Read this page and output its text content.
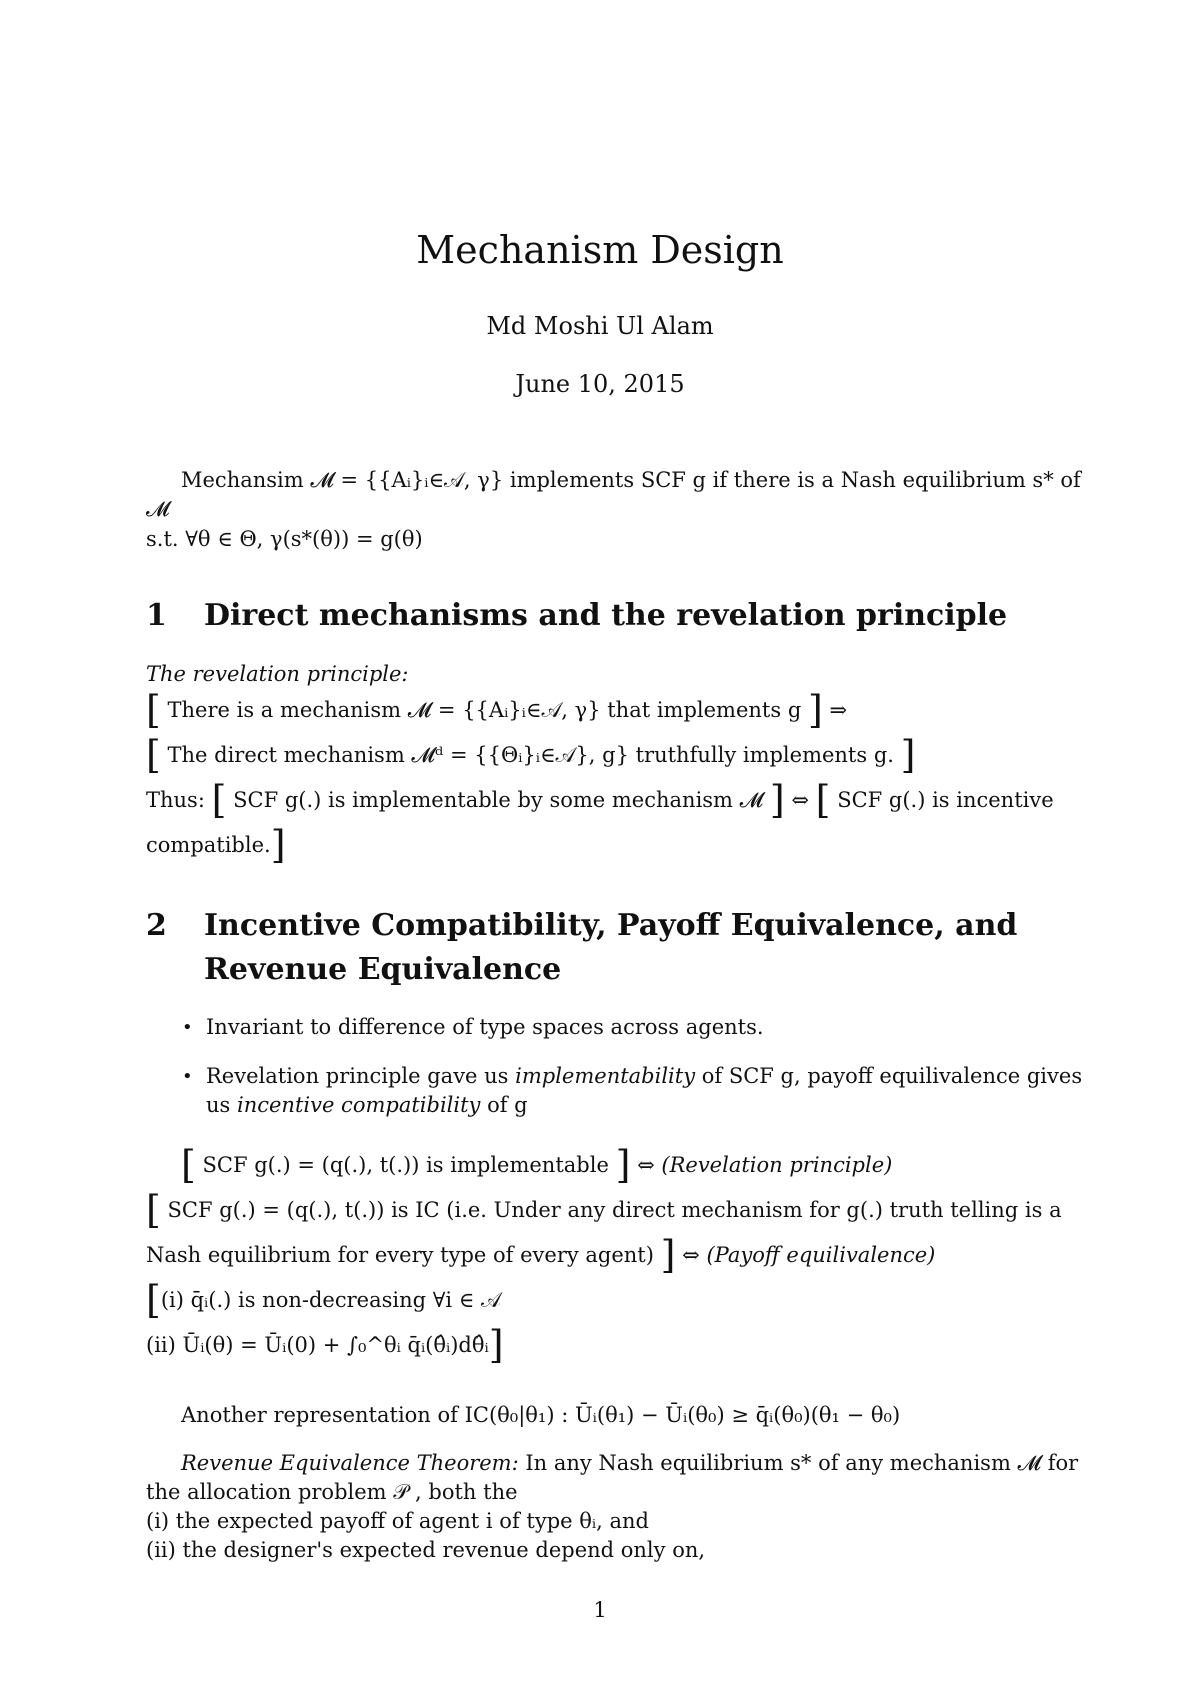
Mechanism Design
Md Moshi Ul Alam
June 10, 2015
Mechansim 𝓜 = {{Aᵢ}ᵢ∈𝒜, γ} implements SCF g if there is a Nash equilibrium s* of
𝓜
s.t. ∀θ ∈ Θ, γ(s*(θ)) = g(θ)
1 Direct mechanisms and the revelation principle
The revelation principle:
[ There is a mechanism 𝓜 = {{Aᵢ}ᵢ∈𝒜, γ} that implements g ] ⇒
[ The direct mechanism 𝓜ᵈ = {{Θᵢ}ᵢ∈𝒜}, g} truthfully implements g. ]
Thus: [ SCF g(.) is implementable by some mechanism 𝓜 ] ⇔ [ SCF g(.) is incentive
compatible.]
2 Incentive Compatibility, Payoff Equivalence, and
Revenue Equivalence
• Invariant to difference of type spaces across agents.
• Revelation principle gave us implementability of SCF g, payoff equilivalence gives
us incentive compatibility of g
[ SCF g(.) = (q(.), t(.)) is implementable ] ⇔ (Revelation principle)
[ SCF g(.) = (q(.), t(.)) is IC (i.e. Under any direct mechanism for g(.) truth telling is a
Nash equilibrium for every type of every agent) ] ⇔ (Payoff equilivalence)
[(i) q̄ᵢ(.) is non-decreasing ∀i ∈ 𝒜
(ii) Ūᵢ(θ) = Ūᵢ(0) + ∫₀^θᵢ q̄ᵢ(θ̂ᵢ)dθ̂ᵢ]
Another representation of IC(θ₀|θ₁) : Ūᵢ(θ₁) − Ūᵢ(θ₀) ≥ q̄ᵢ(θ₀)(θ₁ − θ₀)
Revenue Equivalence Theorem: In any Nash equilibrium s* of any mechanism 𝓜 for
the allocation problem 𝒫 , both the
(i) the expected payoff of agent i of type θᵢ, and
(ii) the designer's expected revenue depend only on,
1
